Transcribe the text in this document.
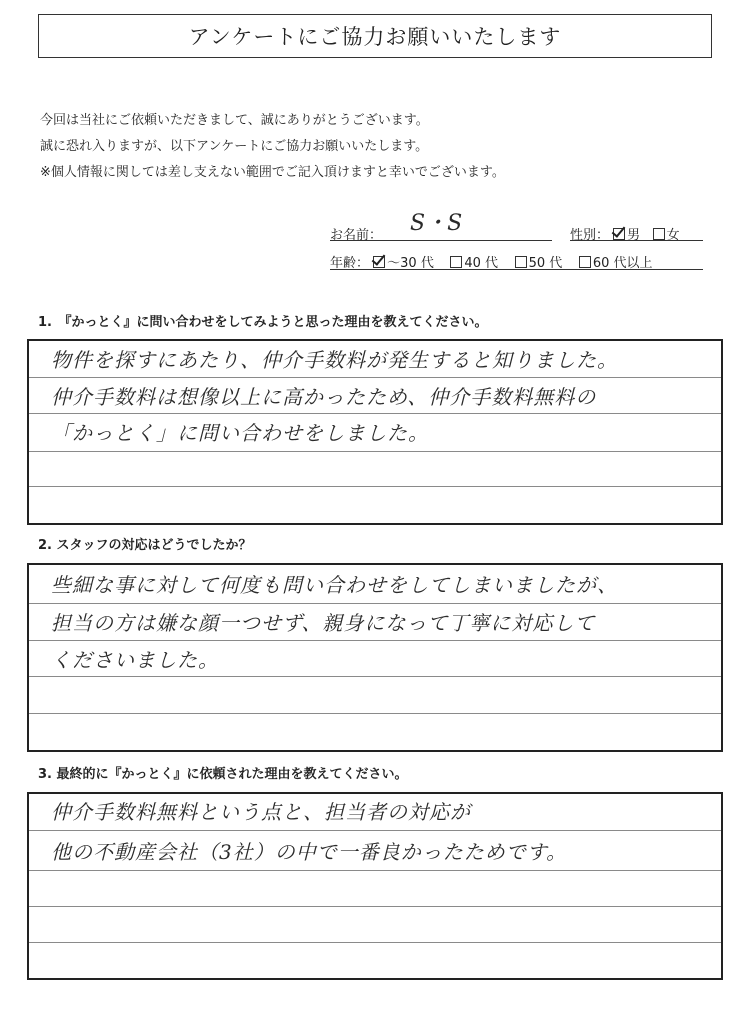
アンケートにご協力お願いいたします
今回は当社にご依頼いただきまして、誠にありがとうございます。
誠に恐れ入りますが、以下アンケートにご協力お願いいたします。
※個人情報に関しては差し支えない範囲でご記入頂けますと幸いでございます。
お名前： S・S	性別： 男 女
年齢： ～30 代 40 代 50 代 60 代以上
1.　『かっとく』に問い合わせをしてみようと思った理由を教えてください。
物件を探すにあたり、仲介手数料が発生すると知りました。
仲介手数料は想像以上に高かったため、仲介手数料無料の
「かっとく」に問い合わせをしました。
2. スタッフの対応はどうでしたか？
些細な事に対して何度も問い合わせをしてしまいましたが、
担当の方は嫌な顔一つせず、親身になって丁寧に対応して
くださいました。
3. 最終的に『かっとく』に依頼された理由を教えてください。
仲介手数料無料という点と、担当者の対応が
他の不動産会社（3社）の中で一番良かったためです。
